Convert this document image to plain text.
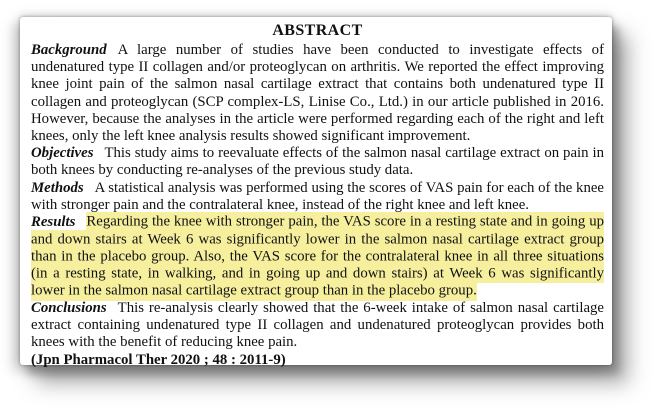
ABSTRACT

Background A large number of studies have been conducted to investigate effects of undenatured type II collagen and/or proteoglycan on arthritis. We reported the effect improving knee joint pain of the salmon nasal cartilage extract that contains both undenatured type II collagen and proteoglycan (SCP complex-LS, Linise Co., Ltd.) in our article published in 2016. However, because the analyses in the article were performed regarding each of the right and left knees, only the left knee analysis results showed significant improvement.

Objectives This study aims to reevaluate effects of the salmon nasal cartilage extract on pain in both knees by conducting re-analyses of the previous study data.

Methods A statistical analysis was performed using the scores of VAS pain for each of the knee with stronger pain and the contralateral knee, instead of the right knee and left knee.

Results Regarding the knee with stronger pain, the VAS score in a resting state and in going up and down stairs at Week 6 was significantly lower in the salmon nasal cartilage extract group than in the placebo group. Also, the VAS score for the contralateral knee in all three situations (in a resting state, in walking, and in going up and down stairs) at Week 6 was significantly lower in the salmon nasal cartilage extract group than in the placebo group.

Conclusions This re-analysis clearly showed that the 6-week intake of salmon nasal cartilage extract containing undenatured type II collagen and undenatured proteoglycan provides both knees with the benefit of reducing knee pain.

(Jpn Pharmacol Ther 2020 ; 48 : 2011-9)
